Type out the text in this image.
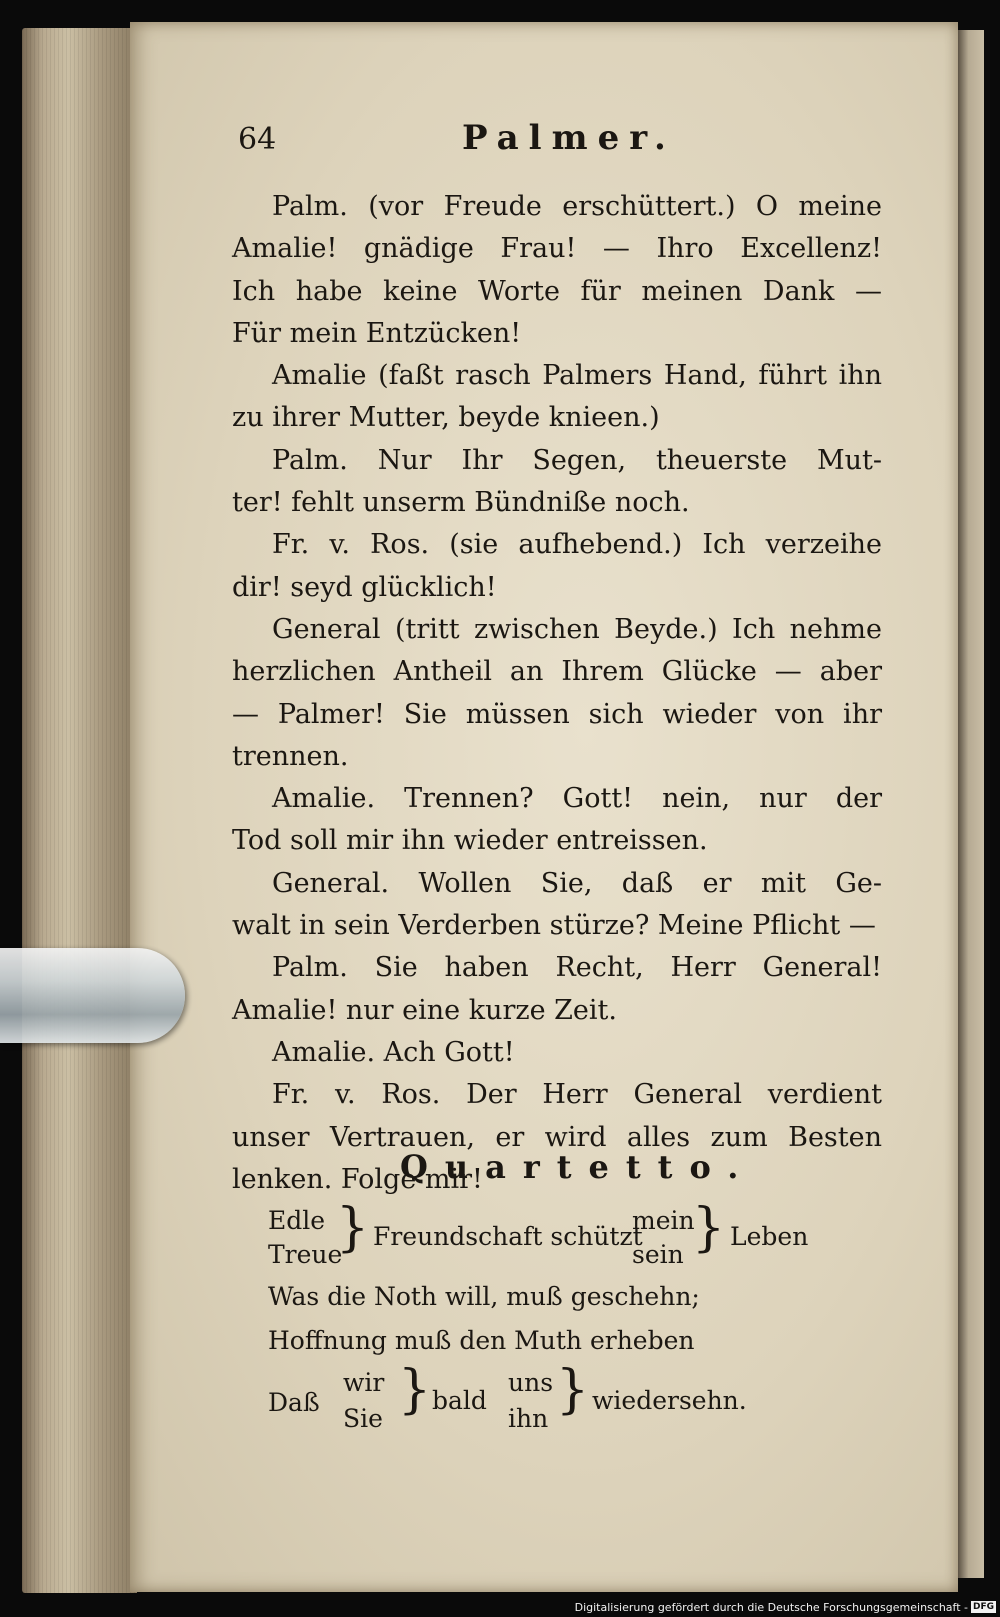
64	Palmer.

Palm. (vor Freude erschüttert.) O meine
Amalie! gnädige Frau! — Ihro Excellenz!
Ich habe keine Worte für meinen Dank —
Für mein Entzücken!

Amalie (faßt rasch Palmers Hand, führt ihn
zu ihrer Mutter, beyde knieen.)

Palm. Nur Ihr Segen, theuerste Mut-
ter! fehlt unserm Bündniße noch.

Fr. v. Ros. (sie aufhebend.) Ich verzeihe
dir! seyd glücklich!

General (tritt zwischen Beyde.) Ich nehme
herzlichen Antheil an Ihrem Glücke — aber
— Palmer! Sie müssen sich wieder von ihr
trennen.

Amalie. Trennen? Gott! nein, nur der
Tod soll mir ihn wieder entreissen.

General. Wollen Sie, daß er mit Ge-
walt in sein Verderben stürze? Meine Pflicht —

Palm. Sie haben Recht, Herr General!
Amalie! nur eine kurze Zeit.

Amalie. Ach Gott!

Fr. v. Ros. Der Herr General verdient
unser Vertrauen, er wird alles zum Besten
lenken. Folge mir!

Quartetto.
Edle
Treue
} Freundschaft schützt
mein
sein } Leben
Was die Noth will, muß geschehn;
Hoffnung muß den Muth erheben
Daß
wir
Sie } bald
uns
ihn } wiedersehn.
Digitalisierung gefördert durch die Deutsche Forschungsgemeinschaft - DFG
